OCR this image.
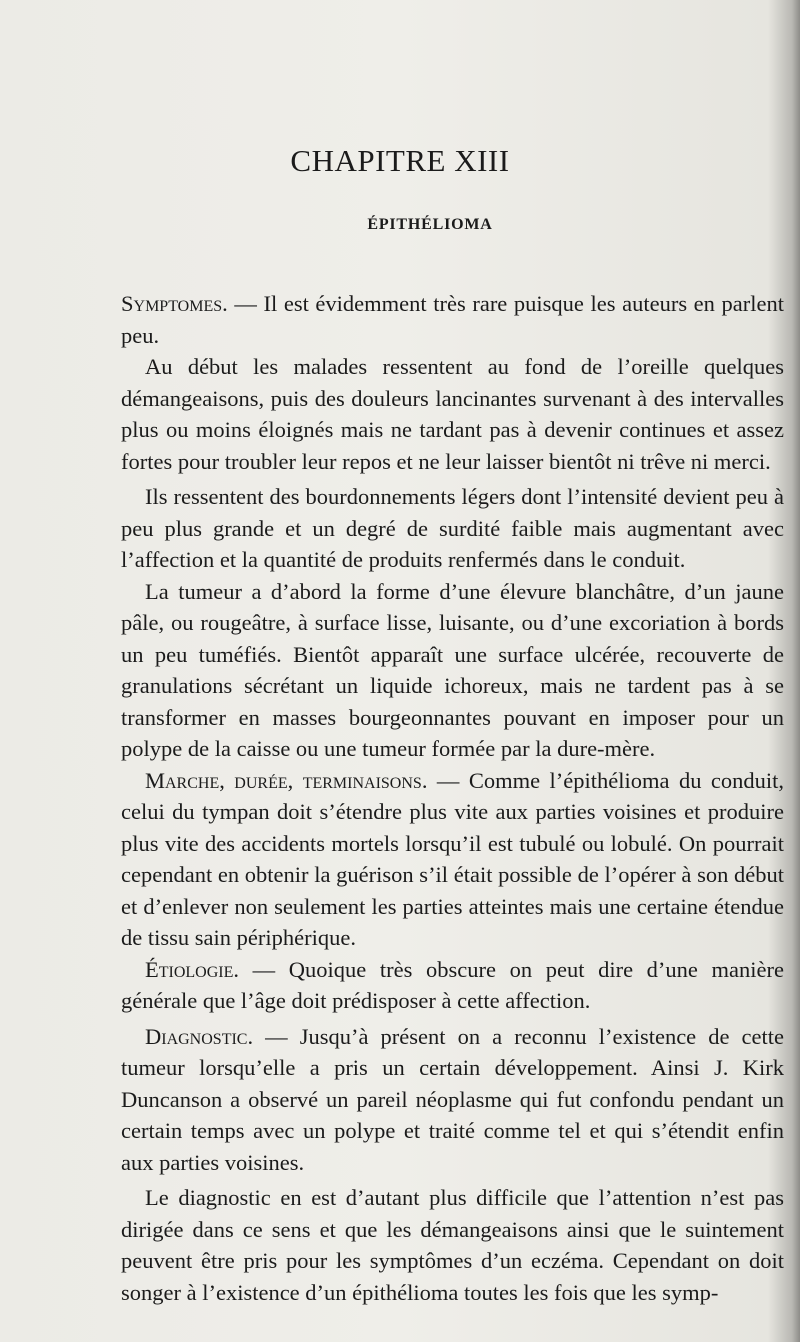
CHAPITRE XIII
ÉPITHÉLIOMA

Symptomes. — Il est évidemment très rare puisque les auteurs en parlent peu.

Au début les malades ressentent au fond de l’oreille quelques démangeaisons, puis des douleurs lancinantes survenant à des intervalles plus ou moins éloignés mais ne tardant pas à devenir continues et assez fortes pour troubler leur repos et ne leur laisser bientôt ni trêve ni merci.

Ils ressentent des bourdonnements légers dont l’intensité devient peu à peu plus grande et un degré de surdité faible mais augmentant avec l’affection et la quantité de produits renfermés dans le conduit.

La tumeur a d’abord la forme d’une élevure blanchâtre, d’un jaune pâle, ou rougeâtre, à surface lisse, luisante, ou d’une excoriation à bords un peu tuméfiés. Bientôt apparaît une surface ulcérée, recouverte de granulations sécrétant un liquide ichoreux, mais ne tardent pas à se transformer en masses bourgeonnantes pouvant en imposer pour un polype de la caisse ou une tumeur formée par la dure-mère.

Marche, durée, terminaisons. — Comme l’épithélioma du conduit, celui du tympan doit s’étendre plus vite aux parties voisines et produire plus vite des accidents mortels lorsqu’il est tubulé ou lobulé. On pourrait cependant en obtenir la guérison s’il était possible de l’opérer à son début et d’enlever non seulement les parties atteintes mais une certaine étendue de tissu sain périphérique.

Étiologie. — Quoique très obscure on peut dire d’une manière générale que l’âge doit prédisposer à cette affection.

Diagnostic. — Jusqu’à présent on a reconnu l’existence de cette tumeur lorsqu’elle a pris un certain développement. Ainsi J. Kirk Duncanson a observé un pareil néoplasme qui fut confondu pendant un certain temps avec un polype et traité comme tel et qui s’étendit enfin aux parties voisines.

Le diagnostic en est d’autant plus difficile que l’attention n’est pas dirigée dans ce sens et que les démangeaisons ainsi que le suintement peuvent être pris pour les symptômes d’un eczéma. Cependant on doit songer à l’existence d’un épithélioma toutes les fois que les symp-
